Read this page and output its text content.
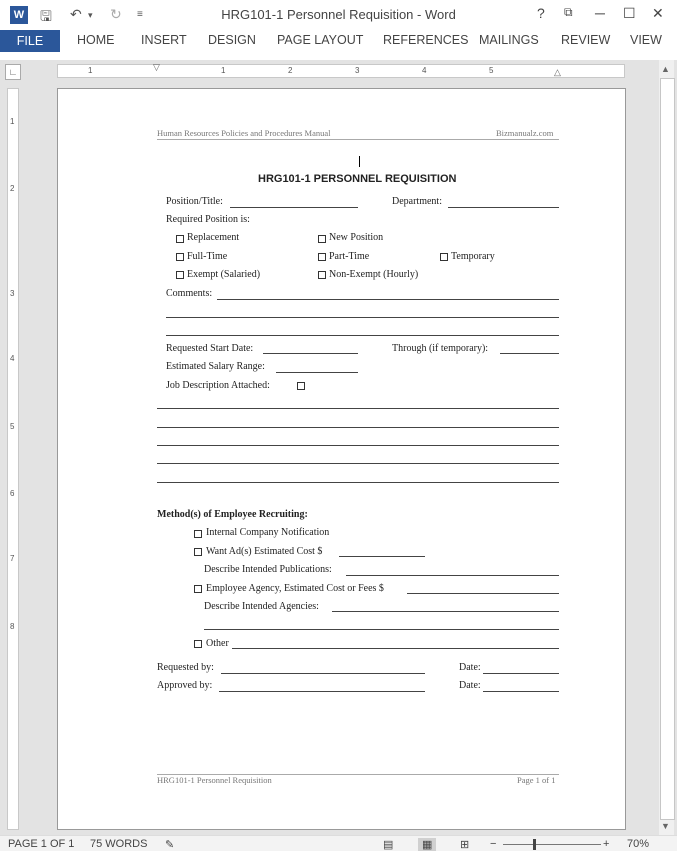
W 🖫 ↶ ▾ ↻ ≡	HRG101-1 Personnel Requisition - Word	? ⧉ ─ ☐ ✕
FILE	HOME INSERT DESIGN PAGE LAYOUT REFERENCES MAILINGS REVIEW VIEW
∟	1	1	2	3	4	5
▽	△
1
2
3
4
5
6
7
8
▲
▼
Human Resources Policies and Procedures Manual	Bizmanualz.com
HRG101-1 PERSONNEL REQUISITION
Position/Title:	Department:
Required Position is:
Replacement	New Position
Full-Time	Part-Time	Temporary
Exempt (Salaried)	Non-Exempt (Hourly)
Comments:
Requested Start Date:	Through (if temporary):
Estimated Salary Range:
Job Description Attached:
Method(s) of Employee Recruiting:
Internal Company Notification
Want Ad(s) Estimated Cost $
Describe Intended Publications:
Employee Agency, Estimated Cost or Fees $
Describe Intended Agencies:
Other
Requested by:	Date:
Approved by:	Date:
HRG101-1 Personnel Requisition	Page 1 of 1
PAGE 1 OF 1 75 WORDS ✎	▤	▦	⊞ −	+ 70%
